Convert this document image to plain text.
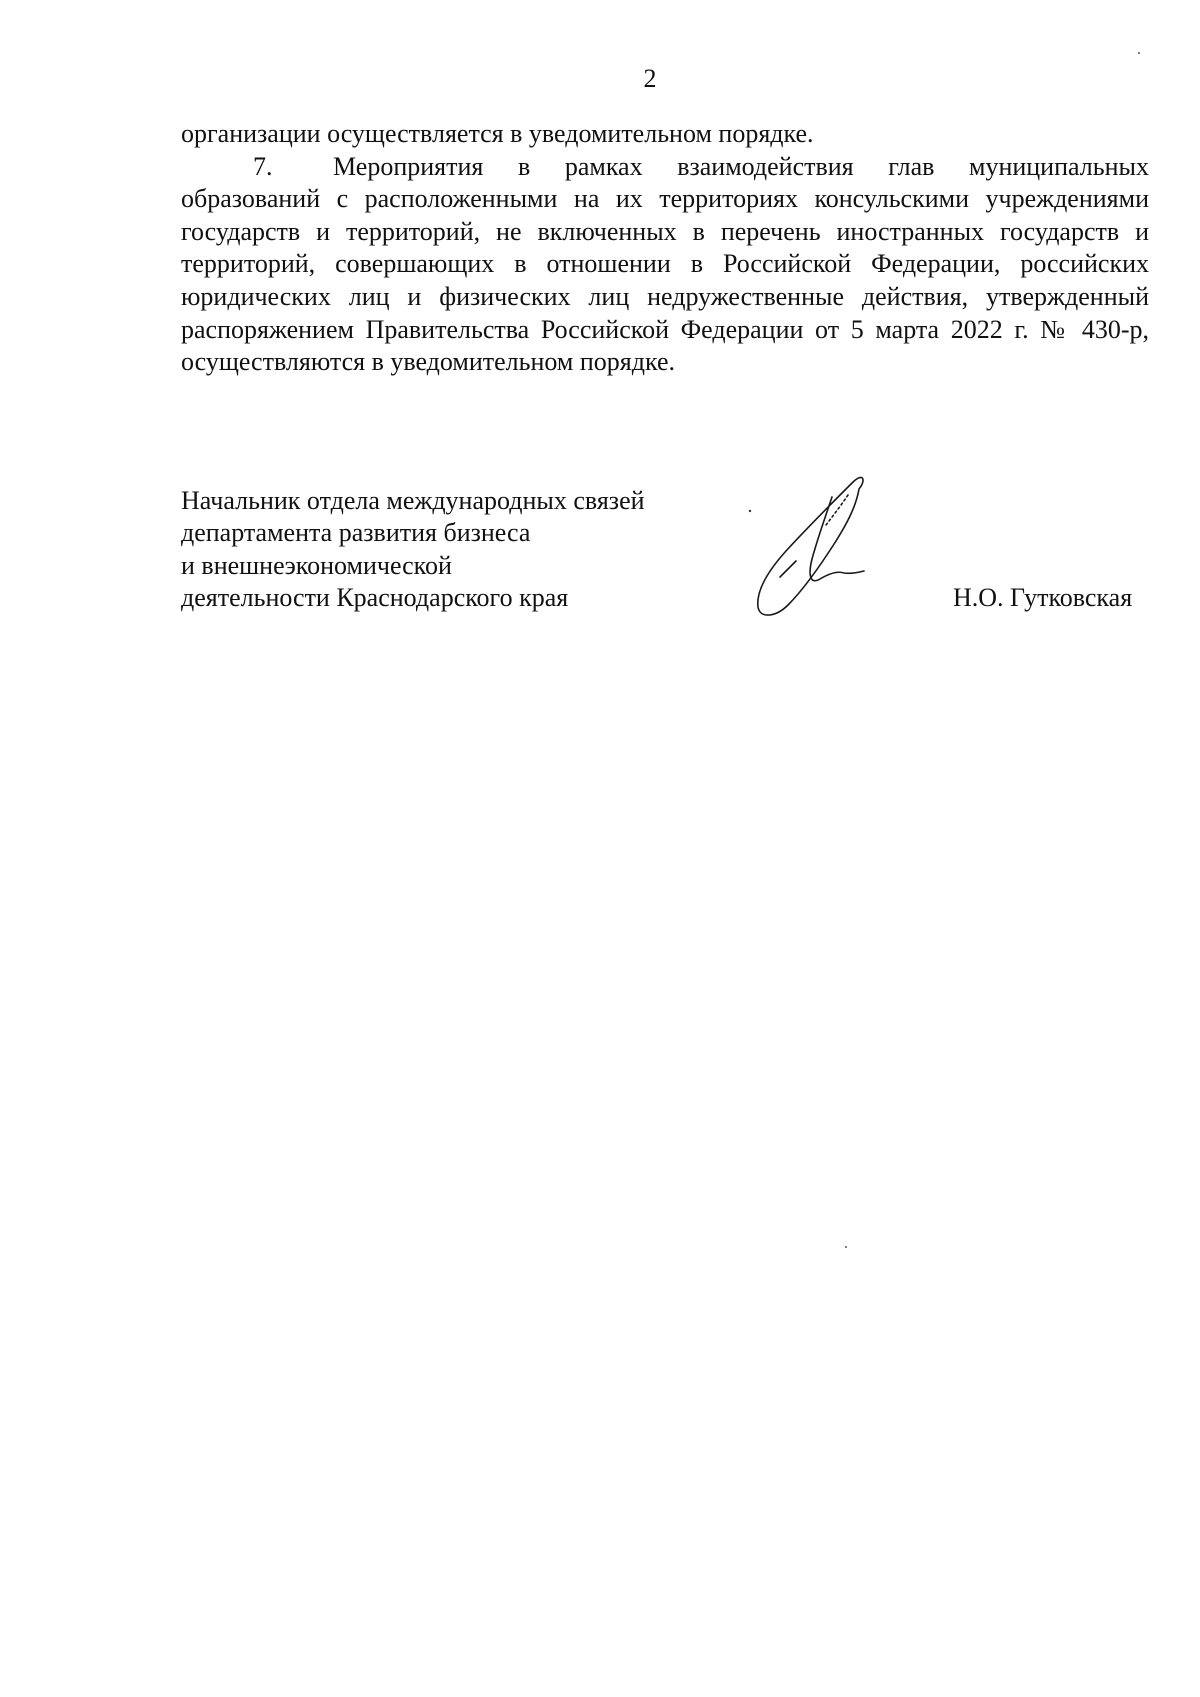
2

организации осуществляется в уведомительном порядке.

7. Мероприятия в рамках взаимодействия глав муниципальных образований с расположенными на их территориях консульскими учреждениями государств и территорий, не включенных в перечень иностранных государств и территорий, совершающих в отношении в Российской Федерации, российских юридических лиц и физических лиц недружественные действия, утвержденный распоряжением Правительства Российской Федерации от 5 марта 2022 г. № 430-р, осуществляются в уведомительном порядке.

Начальник отдела международных связей
департамента развития бизнеса
и внешнеэкономической
деятельности Краснодарского края	Н.О. Гутковская
